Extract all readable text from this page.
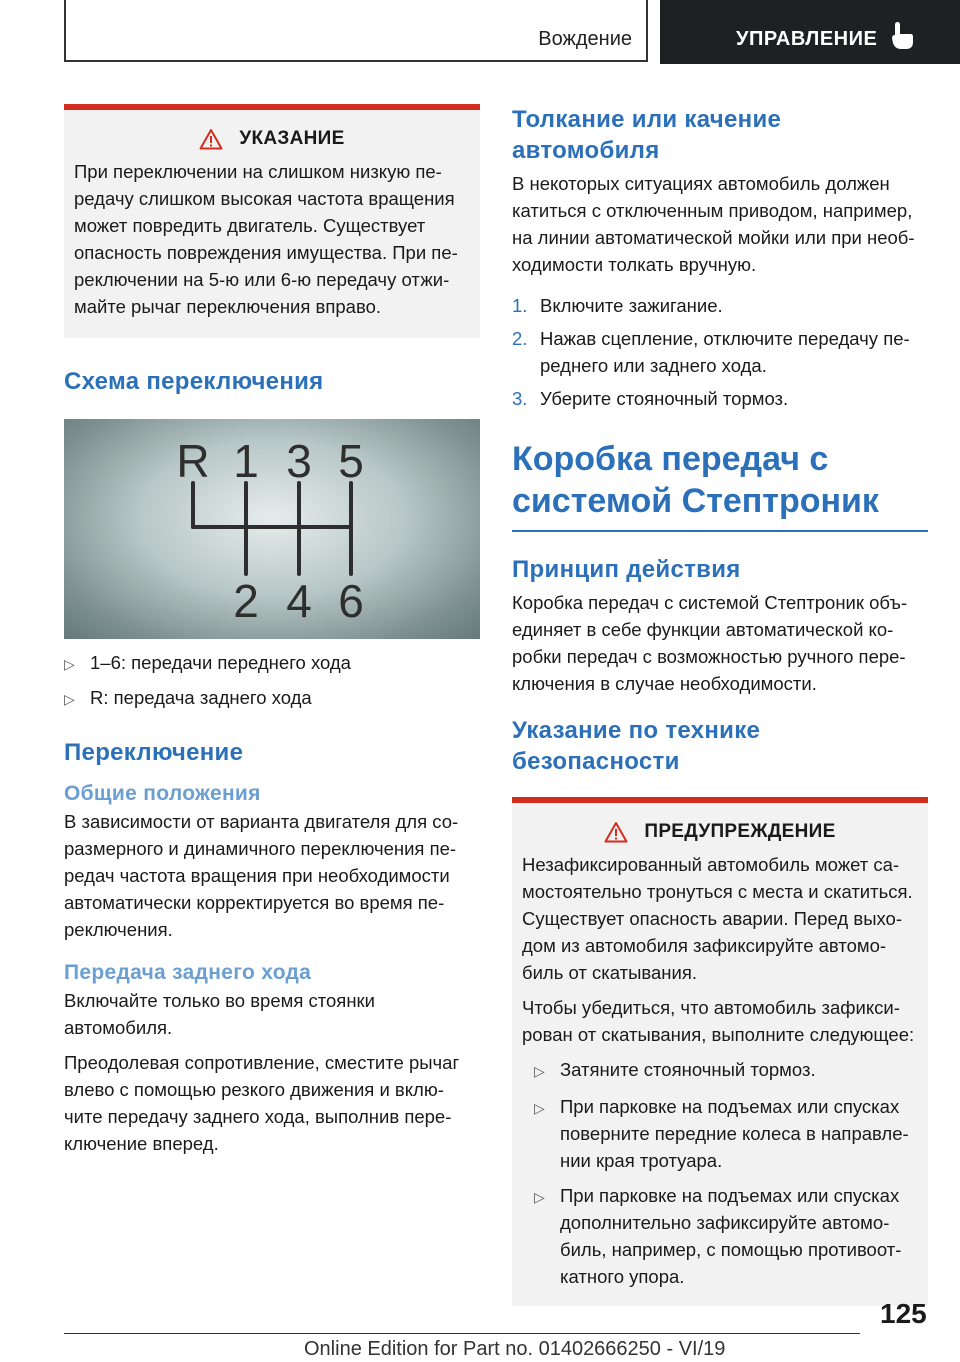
Вождение	УПРАВЛЕНИЕ
УКАЗАНИЕ

При переключении на слишком низкую пе-редачу слишком высокая частота вращения может повредить двигатель. Существует опасность повреждения имущества. При пе-реключении на 5-ю или 6-ю передачу отжи-майте рычаг переключения вправо.

Схема переключения

R 1 3 5
2 4 6
▷ 1–6: передачи переднего хода
▷ R: передача заднего хода

Переключение

Общие положения

В зависимости от варианта двигателя для со-размерного и динамичного переключения пе-редач частота вращения при необходимости автоматически корректируется во время пе-реключения.

Передача заднего хода

Включайте только во время стоянки автомобиля.

Преодолевая сопротивление, сместите рычаг влево с помощью резкого движения и вклю-чите передачу заднего хода, выполнив пере-ключение вперед.

Толкание или качение автомобиля

В некоторых ситуациях автомобиль должен катиться с отключенным приводом, например, на линии автоматической мойки или при необ-ходимости толкать вручную.

1. Включите зажигание.
2. Нажав сцепление, отключите передачу пе-реднего или заднего хода.
3. Уберите стояночный тормоз.

Коробка передач с системой Стептроник

Принцип действия

Коробка передач с системой Стептроник объ-единяет в себе функции автоматической ко-робки передач с возможностью ручного пере-ключения в случае необходимости.

Указание по технике безопасности

ПРЕДУПРЕЖДЕНИЕ

Незафиксированный автомобиль может са-мостоятельно тронуться с места и скатиться. Существует опасность аварии. Перед выхо-дом из автомобиля зафиксируйте автомо-биль от скатывания.

Чтобы убедиться, что автомобиль зафикси-рован от скатывания, выполните следующее:

▷ Затяните стояночный тормоз.
▷ При парковке на подъемах или спусках поверните передние колеса в направле-нии края тротуара.
▷ При парковке на подъемах или спусках дополнительно зафиксируйте автомо-биль, например, с помощью противоот-катного упора.
125
Online Edition for Part no. 01402666250 - VI/19
